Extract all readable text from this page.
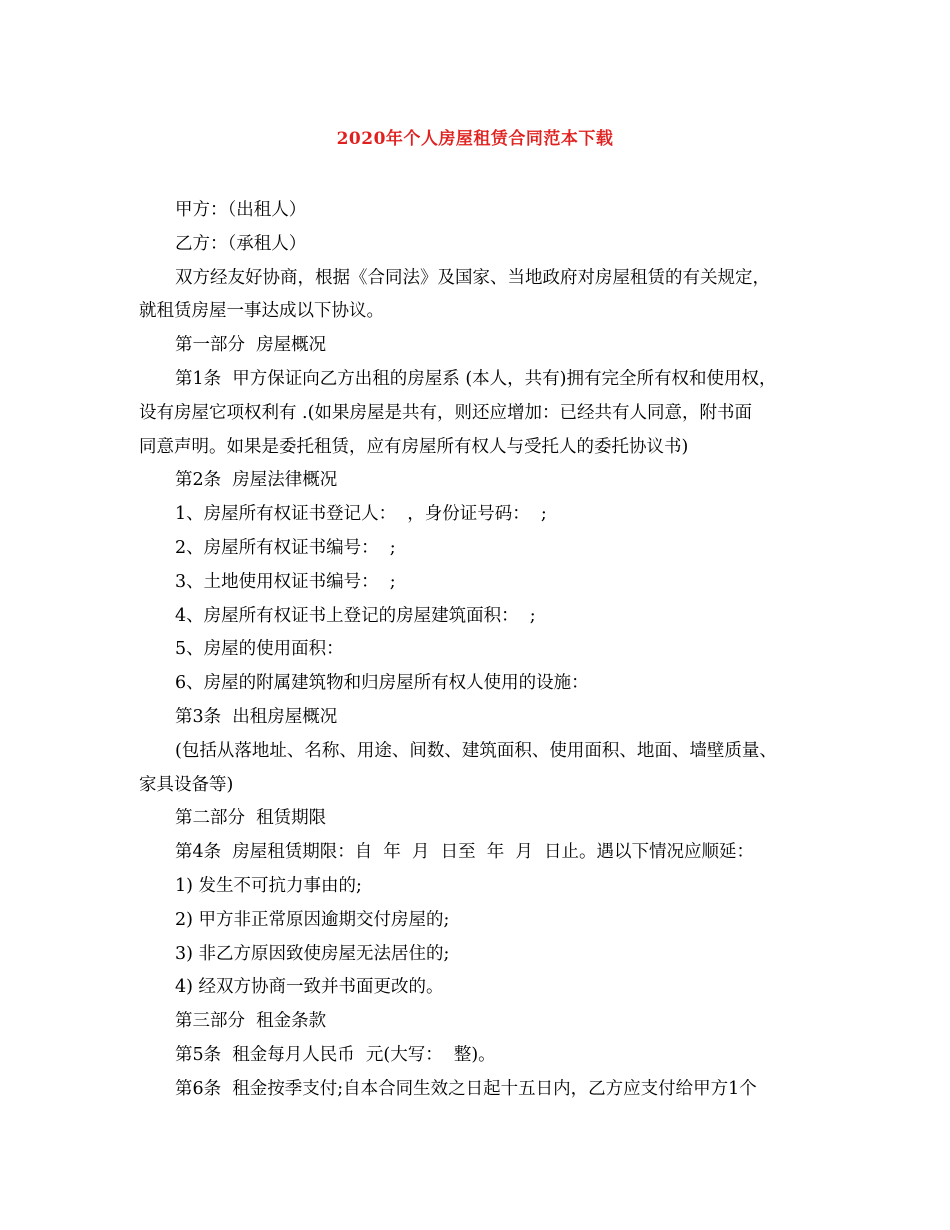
2020年个人房屋租赁合同范本下载
甲方：（出租人）
乙方：（承租人）
双方经友好协商，根据《合同法》及国家、当地政府对房屋租赁的有关规定，
就租赁房屋一事达成以下协议。
第一部分  房屋概况
第1条  甲方保证向乙方出租的房屋系 (本人，共有)拥有完全所有权和使用权，
设有房屋它项权利有 .(如果房屋是共有，则还应增加：已经共有人同意，附书面
同意声明。如果是委托租赁，应有房屋所有权人与受托人的委托协议书)
第2条  房屋法律概况
1、房屋所有权证书登记人：  ，身份证号码：  ;
2、房屋所有权证书编号：  ;
3、土地使用权证书编号：  ;
4、房屋所有权证书上登记的房屋建筑面积：  ;
5、房屋的使用面积：
6、房屋的附属建筑物和归房屋所有权人使用的设施：
第3条  出租房屋概况
(包括从落地址、名称、用途、间数、建筑面积、使用面积、地面、墙壁质量、
家具设备等)
第二部分  租赁期限
第4条  房屋租赁期限：自  年  月  日至  年  月  日止。遇以下情况应顺延：
1) 发生不可抗力事由的;
2) 甲方非正常原因逾期交付房屋的;
3) 非乙方原因致使房屋无法居住的;
4) 经双方协商一致并书面更改的。
第三部分  租金条款
第5条  租金每月人民币  元(大写：  整)。
第6条  租金按季支付;自本合同生效之日起十五日内，乙方应支付给甲方1个
